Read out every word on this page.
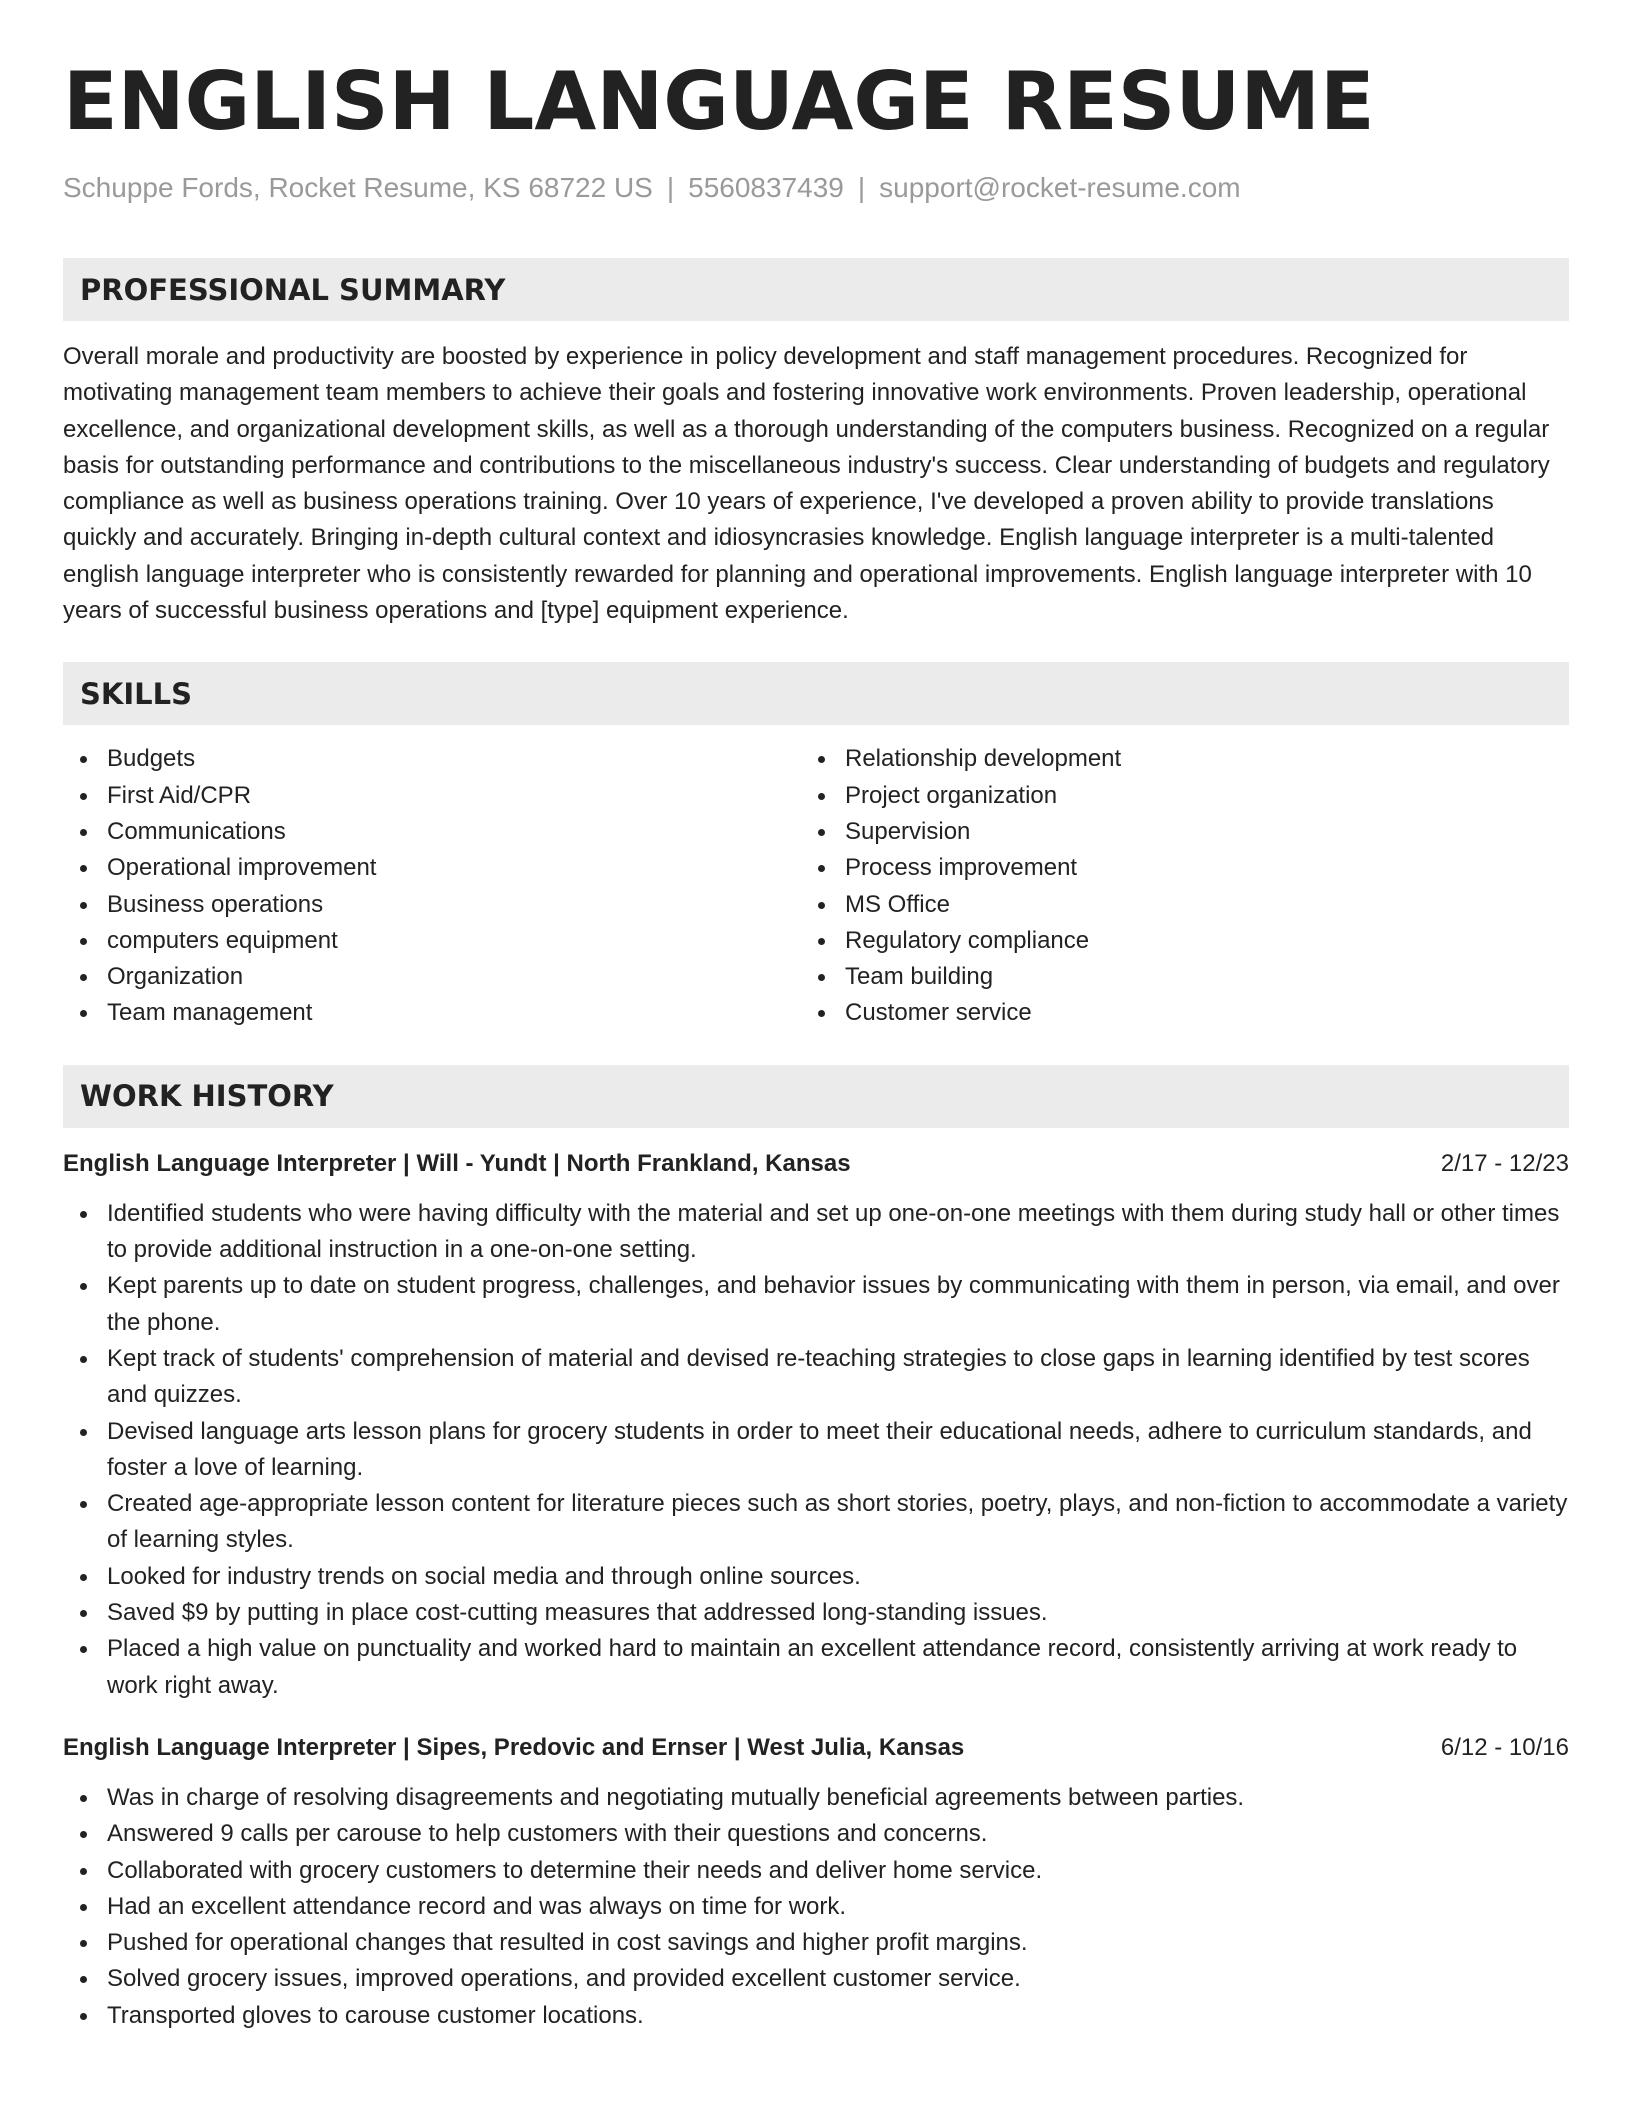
ENGLISH LANGUAGE RESUME
Schuppe Fords, Rocket Resume, KS 68722 US | 5560837439 | support@rocket-resume.com
PROFESSIONAL SUMMARY

Overall morale and productivity are boosted by experience in policy development and staff management procedures. Recognized for motivating management team members to achieve their goals and fostering innovative work environments. Proven leadership, operational excellence, and organizational development skills, as well as a thorough understanding of the computers business. Recognized on a regular basis for outstanding performance and contributions to the miscellaneous industry's success. Clear understanding of budgets and regulatory compliance as well as business operations training. Over 10 years of experience, I've developed a proven ability to provide translations quickly and accurately. Bringing in-depth cultural context and idiosyncrasies knowledge. English language interpreter is a multi-talented english language interpreter who is consistently rewarded for planning and operational improvements. English language interpreter with 10 years of successful business operations and [type] equipment experience.

SKILLS
Budgets
First Aid/CPR
Communications
Operational improvement
Business operations
computers equipment
Organization
Team management
Relationship development
Project organization
Supervision
Process improvement
MS Office
Regulatory compliance
Team building
Customer service
WORK HISTORY
English Language Interpreter | Will - Yundt | North Frankland, Kansas	2/17 - 12/23
Identified students who were having difficulty with the material and set up one-on-one meetings with them during study hall or other times to provide additional instruction in a one-on-one setting.
Kept parents up to date on student progress, challenges, and behavior issues by communicating with them in person, via email, and over the phone.
Kept track of students' comprehension of material and devised re-teaching strategies to close gaps in learning identified by test scores and quizzes.
Devised language arts lesson plans for grocery students in order to meet their educational needs, adhere to curriculum standards, and foster a love of learning.
Created age-appropriate lesson content for literature pieces such as short stories, poetry, plays, and non-fiction to accommodate a variety of learning styles.
Looked for industry trends on social media and through online sources.
Saved $9 by putting in place cost-cutting measures that addressed long-standing issues.
Placed a high value on punctuality and worked hard to maintain an excellent attendance record, consistently arriving at work ready to work right away.
English Language Interpreter | Sipes, Predovic and Ernser | West Julia, Kansas	6/12 - 10/16
Was in charge of resolving disagreements and negotiating mutually beneficial agreements between parties.
Answered 9 calls per carouse to help customers with their questions and concerns.
Collaborated with grocery customers to determine their needs and deliver home service.
Had an excellent attendance record and was always on time for work.
Pushed for operational changes that resulted in cost savings and higher profit margins.
Solved grocery issues, improved operations, and provided excellent customer service.
Transported gloves to carouse customer locations.
